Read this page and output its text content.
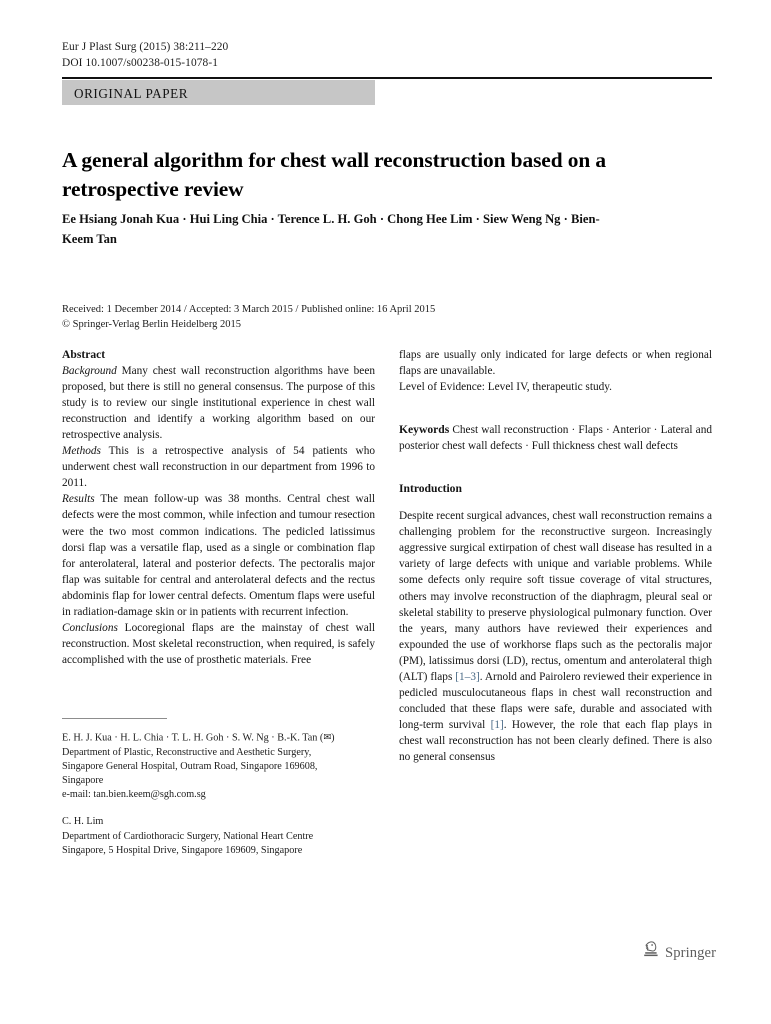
Eur J Plast Surg (2015) 38:211–220
DOI 10.1007/s00238-015-1078-1
ORIGINAL PAPER
A general algorithm for chest wall reconstruction based on a retrospective review
Ee Hsiang Jonah Kua · Hui Ling Chia · Terence L. H. Goh · Chong Hee Lim · Siew Weng Ng · Bien-Keem Tan
Received: 1 December 2014 / Accepted: 3 March 2015 / Published online: 16 April 2015
© Springer-Verlag Berlin Heidelberg 2015

Abstract

Background Many chest wall reconstruction algorithms have been proposed, but there is still no general consensus. The purpose of this study is to review our single institutional experience in chest wall reconstruction and identify a working algorithm based on our retrospective analysis.

Methods This is a retrospective analysis of 54 patients who underwent chest wall reconstruction in our department from 1996 to 2011.

Results The mean follow-up was 38 months. Central chest wall defects were the most common, while infection and tumour resection were the two most common indications. The pedicled latissimus dorsi flap was a versatile flap, used as a single or combination flap for anterolateral, lateral and posterior defects. The pectoralis major flap was suitable for central and anterolateral defects and the rectus abdominis flap for lower central defects. Omentum flaps were useful in radiation-damage skin or in patients with recurrent infection.

Conclusions Locoregional flaps are the mainstay of chest wall reconstruction. Most skeletal reconstruction, when required, is safely accomplished with the use of prosthetic materials. Free

E. H. J. Kua · H. L. Chia · T. L. H. Goh · S. W. Ng · B.-K. Tan (✉)

Department of Plastic, Reconstructive and Aesthetic Surgery,

Singapore General Hospital, Outram Road, Singapore 169608,

Singapore

e-mail: tan.bien.keem@sgh.com.sg

C. H. Lim

Department of Cardiothoracic Surgery, National Heart Centre

Singapore, 5 Hospital Drive, Singapore 169609, Singapore

flaps are usually only indicated for large defects or when regional flaps are unavailable.

Level of Evidence: Level IV, therapeutic study.

Keywords Chest wall reconstruction · Flaps · Anterior · Lateral and posterior chest wall defects · Full thickness chest wall defects

Introduction

Despite recent surgical advances, chest wall reconstruction remains a challenging problem for the reconstructive surgeon. Increasingly aggressive surgical extirpation of chest wall disease has resulted in a variety of large defects with unique and variable problems. While some defects only require soft tissue coverage of vital structures, others may involve reconstruction of the diaphragm, pleural seal or skeletal stability to preserve physiological pulmonary function. Over the years, many authors have reviewed their experiences and expounded the use of workhorse flaps such as the pectoralis major (PM), latissimus dorsi (LD), rectus, omentum and anterolateral thigh (ALT) flaps [1–3]. Arnold and Pairolero reviewed their experience in pedicled musculocutaneous flaps in chest wall reconstruction and concluded that these flaps were safe, durable and associated with long-term survival [1]. However, the role that each flap plays in chest wall reconstruction has not been clearly defined. There is also no general consensus

Springer
